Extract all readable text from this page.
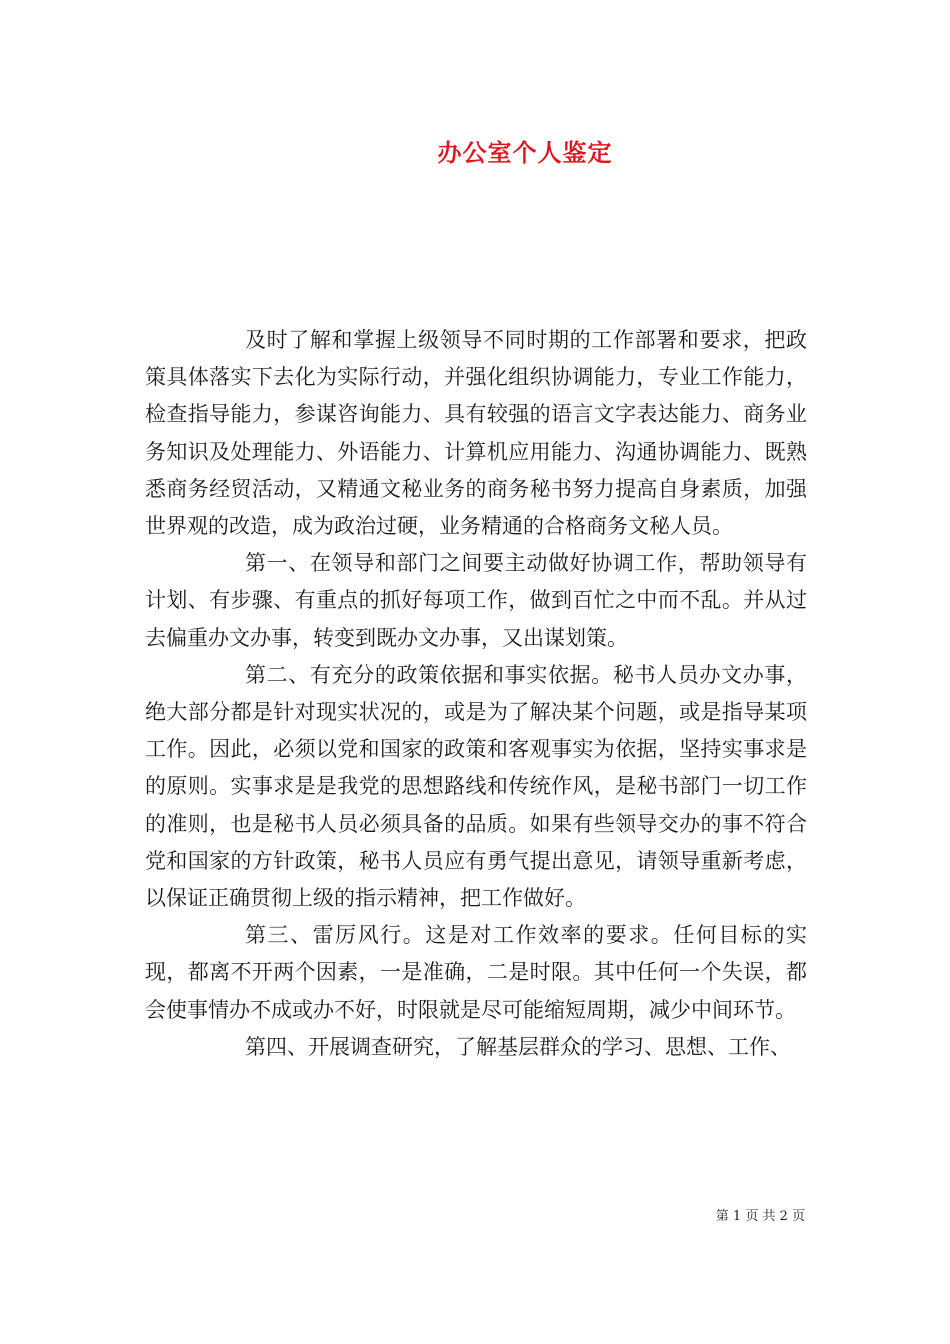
办公室个人鉴定

及时了解和掌握上级领导不同时期的工作部署和要求，把政策具体落实下去化为实际行动，并强化组织协调能力，专业工作能力，检查指导能力，参谋咨询能力、具有较强的语言文字表达能力、商务业务知识及处理能力、外语能力、计算机应用能力、沟通协调能力、既熟悉商务经贸活动，又精通文秘业务的商务秘书努力提高自身素质，加强世界观的改造，成为政治过硬，业务精通的合格商务文秘人员。

第一、在领导和部门之间要主动做好协调工作，帮助领导有计划、有步骤、有重点的抓好每项工作，做到百忙之中而不乱。并从过去偏重办文办事，转变到既办文办事，又出谋划策。

第二、有充分的政策依据和事实依据。秘书人员办文办事，绝大部分都是针对现实状况的，或是为了解决某个问题，或是指导某项工作。因此，必须以党和国家的政策和客观事实为依据，坚持实事求是的原则。实事求是是我党的思想路线和传统作风，是秘书部门一切工作的准则，也是秘书人员必须具备的品质。如果有些领导交办的事不符合党和国家的方针政策，秘书人员应有勇气提出意见，请领导重新考虑，以保证正确贯彻上级的指示精神，把工作做好。

第三、雷厉风行。这是对工作效率的要求。任何目标的实现，都离不开两个因素，一是准确，二是时限。其中任何一个失误，都会使事情办不成或办不好，时限就是尽可能缩短周期，减少中间环节。

第四、开展调查研究，了解基层群众的学习、思想、工作、

第 1 页 共 2 页
